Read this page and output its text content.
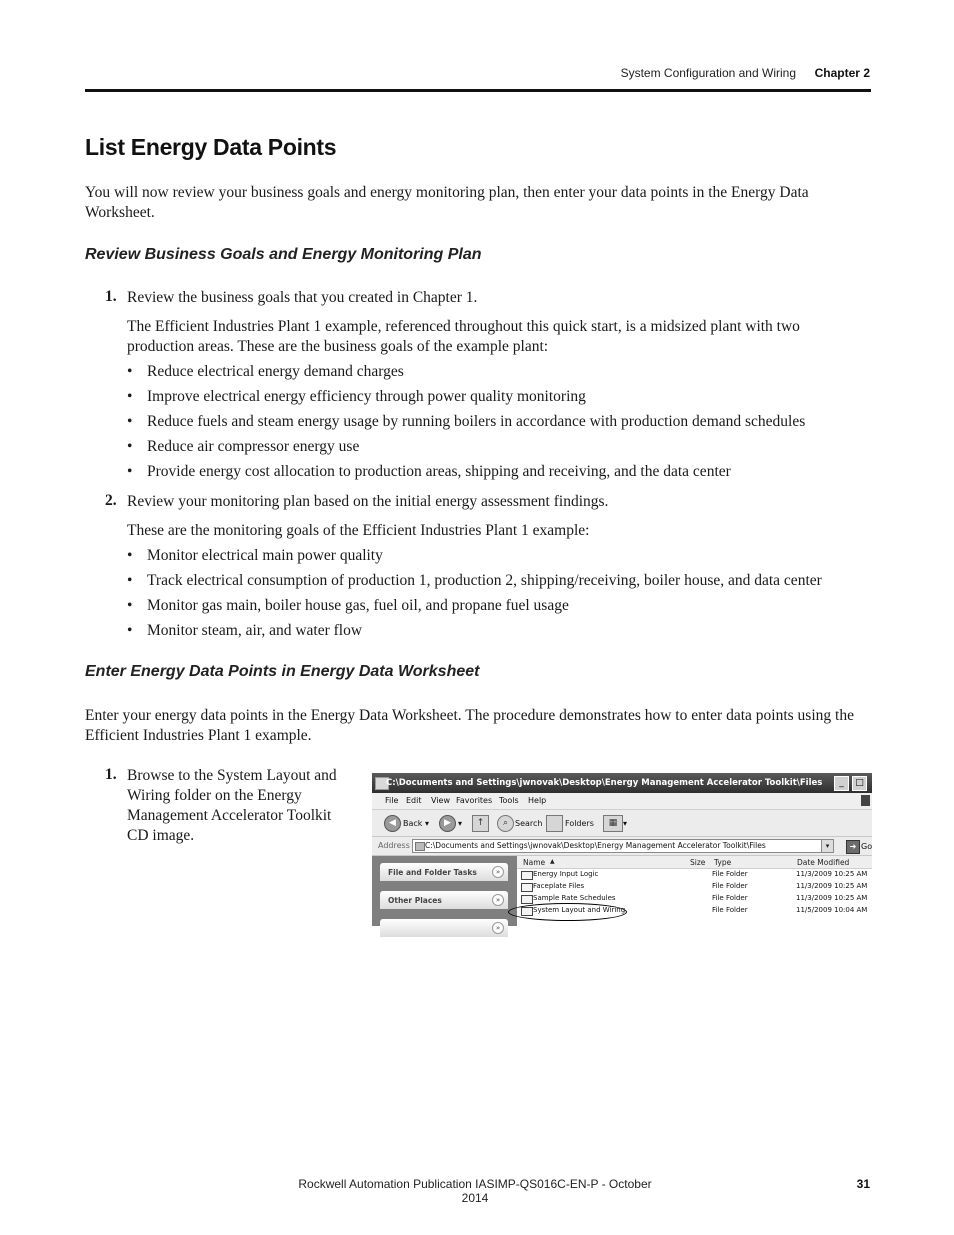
System Configuration and Wiring Chapter 2
List Energy Data Points

You will now review your business goals and energy monitoring plan, then enter your data points in the Energy Data Worksheet.

Review Business Goals and Energy Monitoring Plan
1. Review the business goals that you created in Chapter 1.

The Efficient Industries Plant 1 example, referenced throughout this quick start, is a midsized plant with two production areas. These are the business goals of the example plant:

• Reduce electrical energy demand charges
• Improve electrical energy efficiency through power quality monitoring
• Reduce fuels and steam energy usage by running boilers in accordance with production demand schedules
• Reduce air compressor energy use
• Provide energy cost allocation to production areas, shipping and receiving, and the data center
2. Review your monitoring plan based on the initial energy assessment findings.

These are the monitoring goals of the Efficient Industries Plant 1 example:

• Monitor electrical main power quality
• Track electrical consumption of production 1, production 2, shipping/receiving, boiler house, and data center
• Monitor gas main, boiler house gas, fuel oil, and propane fuel usage
• Monitor steam, air, and water flow
Enter Energy Data Points in Energy Data Worksheet

Enter your energy data points in the Energy Data Worksheet. The procedure demonstrates how to enter data points using the Efficient Industries Plant 1 example.

1. Browse to the System Layout and Wiring folder on the Energy Management Accelerator Toolkit CD image.

C:\Documents and Settings\jwnovak\Desktop\Energy Management Accelerator Toolkit\Files	_	□
File Edit View Favorites Tools Help
◀ Back ▾	▶ ▾	↑	⌕ Search	Folders	▦ ▾
Address C:\Documents and Settings\jwnovak\Desktop\Energy Management Accelerator Toolkit\Files	▾	➜ Go
File and Folder Tasks	»
Other Places	»
»
Name ▲	Size Type	Date Modified
Energy Input Logic	File Folder	11/3/2009 10:25 AM
Faceplate Files	File Folder	11/3/2009 10:25 AM
Sample Rate Schedules	File Folder	11/3/2009 10:25 AM
System Layout and Wiring	File Folder	11/5/2009 10:04 AM
Rockwell Automation Publication IASIMP-QS016C-EN-P - October 2014
31
